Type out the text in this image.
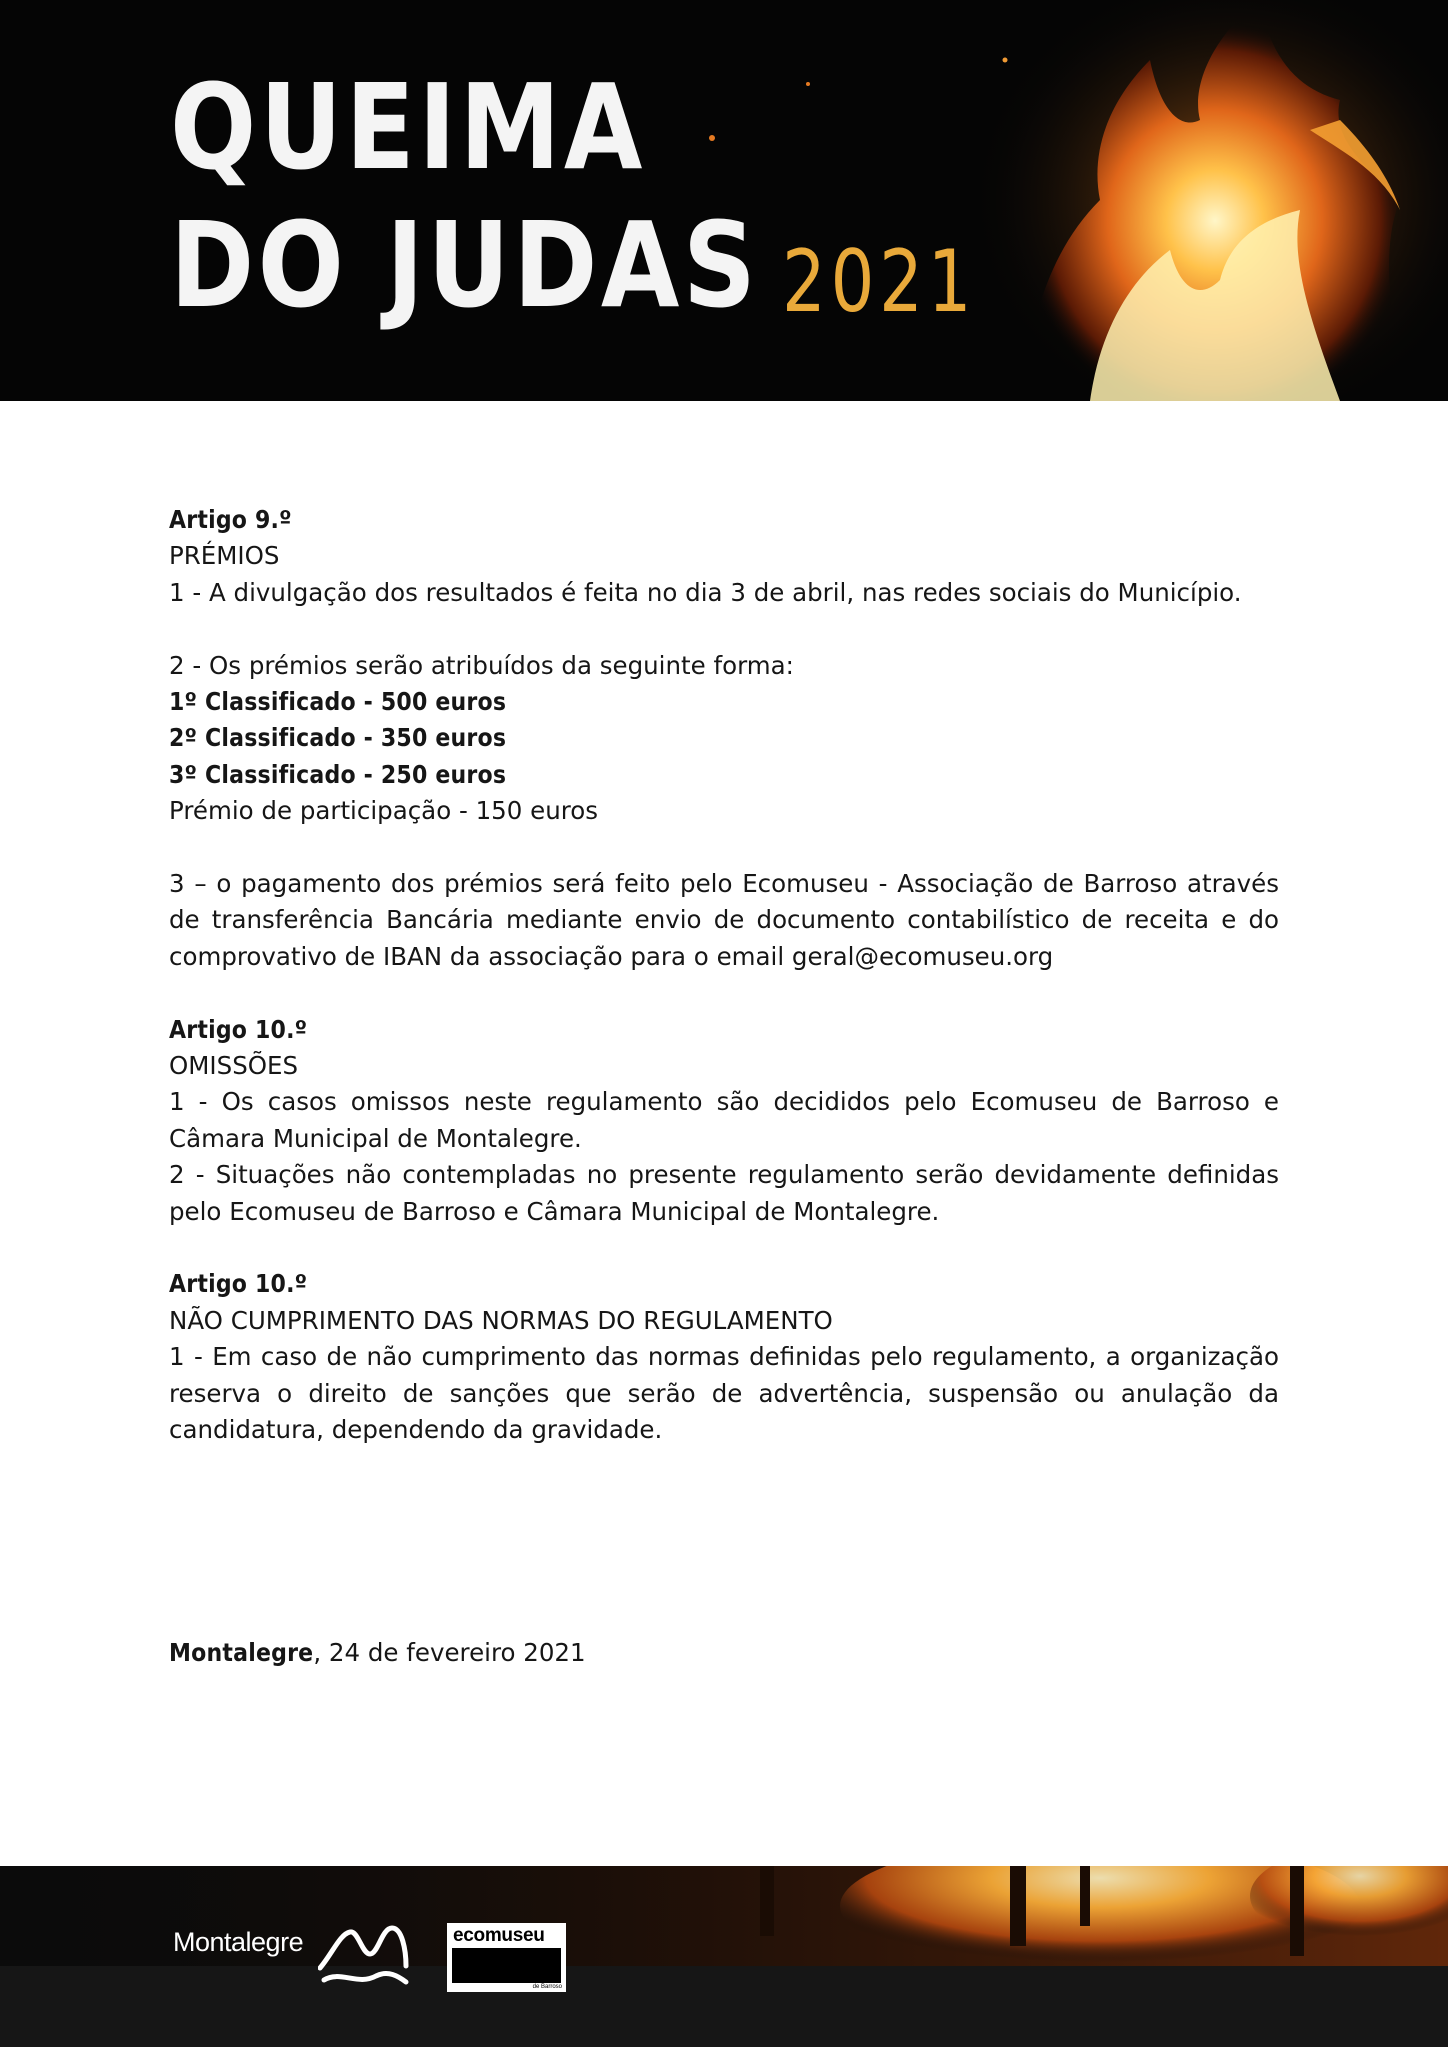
QUEIMA
DO JUDAS 2021

Artigo 9.º

PRÉMIOS

1 - A divulgação dos resultados é feita no dia 3 de abril, nas redes sociais do Município.

2 - Os prémios serão atribuídos da seguinte forma:

1º Classificado - 500 euros

2º Classificado - 350 euros

3º Classificado - 250 euros

Prémio de participação - 150 euros

3 – o pagamento dos prémios será feito pelo Ecomuseu - Associação de Barroso através de transferência Bancária mediante envio de documento contabilístico de receita e do comprovativo de IBAN da associação para o email geral@ecomuseu.org

Artigo 10.º

OMISSÕES

1 - Os casos omissos neste regulamento são decididos pelo Ecomuseu de Barroso e Câmara Municipal de Montalegre.

2 - Situações não contempladas no presente regulamento serão devidamente definidas pelo Ecomuseu de Barroso e Câmara Municipal de Montalegre.

Artigo 10.º

NÃO CUMPRIMENTO DAS NORMAS DO REGULAMENTO

1 - Em caso de não cumprimento das normas definidas pelo regulamento, a organização reserva o direito de sanções que serão de advertência, suspensão ou anulação da candidatura, dependendo da gravidade.

Montalegre, 24 de fevereiro 2021

Montalegre	ecomuseu

de Barroso
